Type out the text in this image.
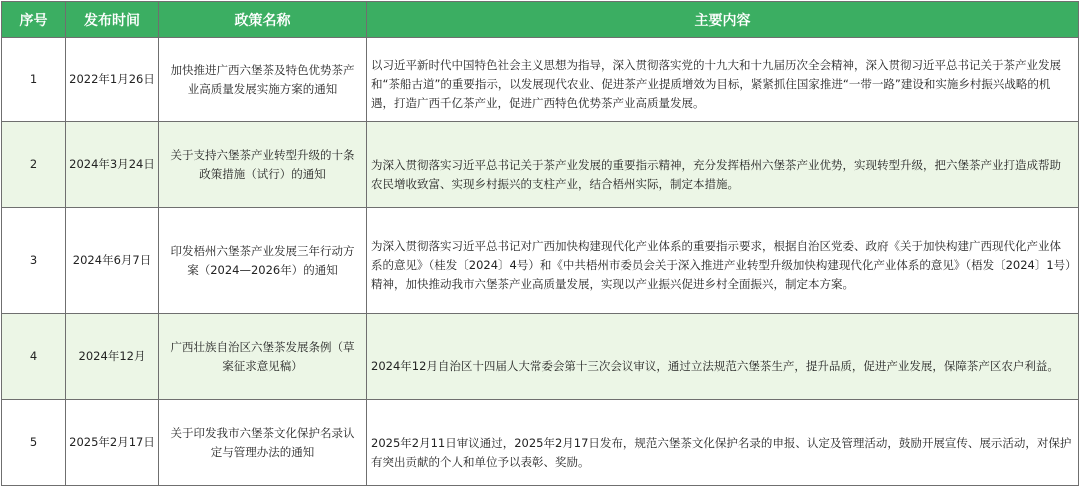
序号	发布时间	政策名称	主要内容
1	2022年1月26日	加快推进广西六堡茶及特色优势茶产业高质量发展实施方案的通知	以习近平新时代中国特色社会主义思想为指导，深入贯彻落实党的十九大和十九届历次全会精神，深入贯彻习近平总书记关于茶产业发展和“茶船古道”的重要指示，以发展现代农业、促进茶产业提质增效为目标，紧紧抓住国家推进“一带一路”建设和实施乡村振兴战略的机遇，打造广西千亿茶产业，促进广西特色优势茶产业高质量发展。
2	2024年3月24日	关于支持六堡茶产业转型升级的十条政策措施（试行）的通知	为深入贯彻落实习近平总书记关于茶产业发展的重要指示精神，充分发挥梧州六堡茶产业优势，实现转型升级，把六堡茶产业打造成帮助农民增收致富、实现乡村振兴的支柱产业，结合梧州实际，制定本措施。
3	2024年6月7日	印发梧州六堡茶产业发展三年行动方案（2024—2026年）的通知	为深入贯彻落实习近平总书记对广西加快构建现代化产业体系的重要指示要求，根据自治区党委、政府《关于加快构建广西现代化产业体系的意见》（桂发〔2024〕4号）和《中共梧州市委员会关于深入推进产业转型升级加快构建现代化产业体系的意见》（梧发〔2024〕1号）精神，加快推动我市六堡茶产业高质量发展，实现以产业振兴促进乡村全面振兴，制定本方案。
4	2024年12月	广西壮族自治区六堡茶发展条例（草案征求意见稿）	2024年12月自治区十四届人大常委会第十三次会议审议，通过立法规范六堡茶生产，提升品质，促进产业发展，保障茶产区农户利益。
5	2025年2月17日	关于印发我市六堡茶文化保护名录认定与管理办法的通知	2025年2月11日审议通过，2025年2月17日发布，规范六堡茶文化保护名录的申报、认定及管理活动，鼓励开展宣传、展示活动，对保护有突出贡献的个人和单位予以表彰、奖励。
